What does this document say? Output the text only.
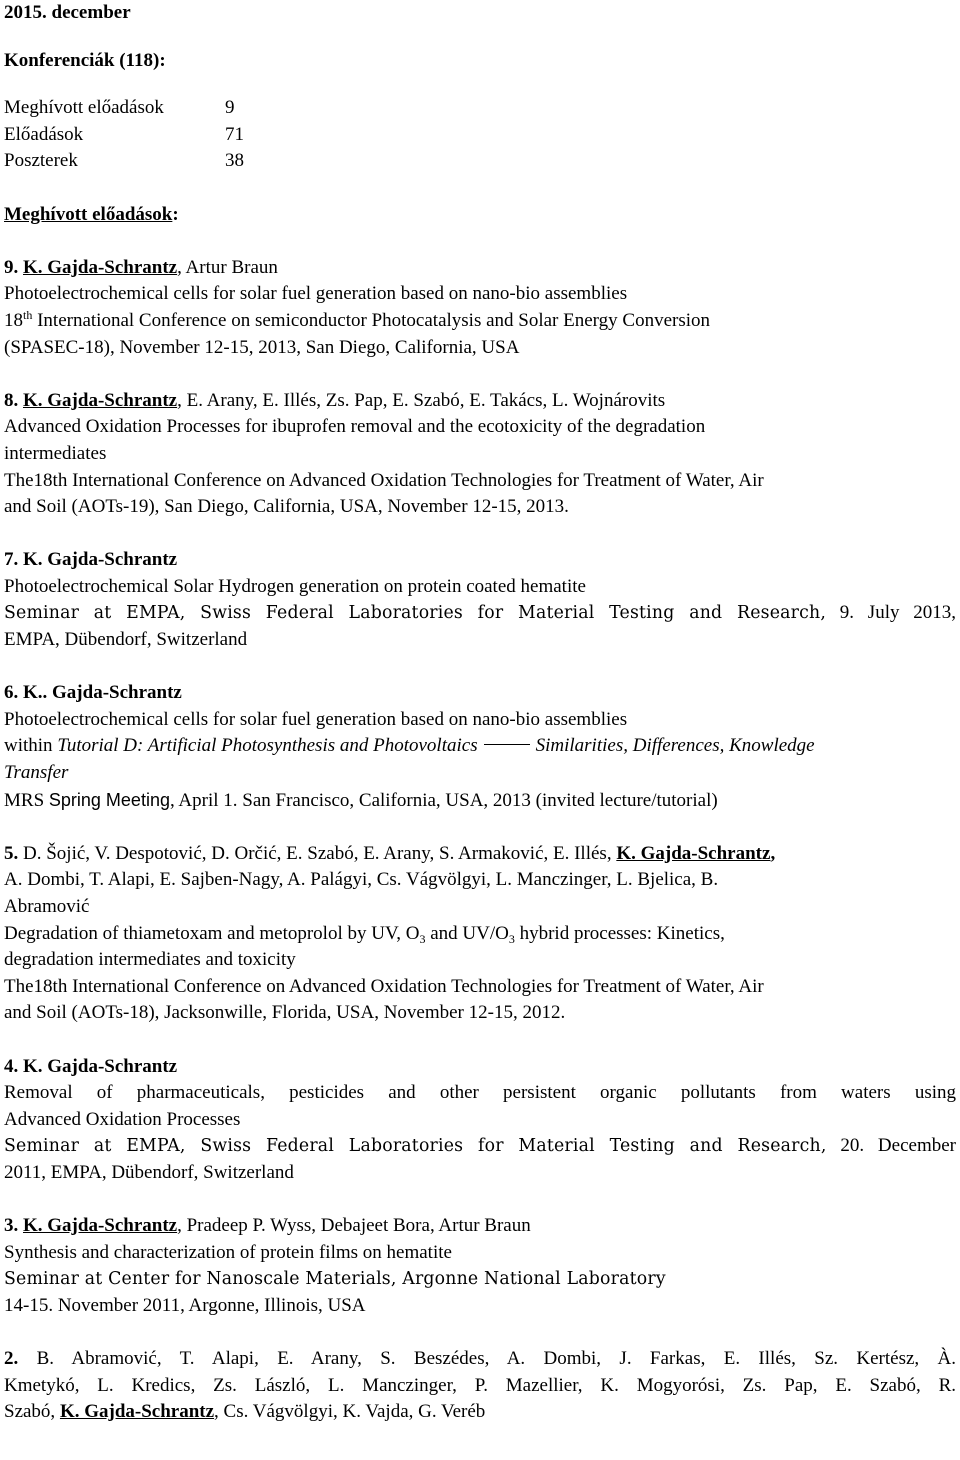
2015. december
Konferenciák (118):
Meghívott előadások	9
Előadások	71
Poszterek	38
Meghívott előadások:
9. K. Gajda-Schrantz, Artur Braun
Photoelectrochemical cells for solar fuel generation based on nano-bio assemblies
18th International Conference on semiconductor Photocatalysis and Solar Energy Conversion
(SPASEC-18), November 12-15, 2013, San Diego, California, USA
8. K. Gajda-Schrantz, E. Arany, E. Illés, Zs. Pap, E. Szabó, E. Takács, L. Wojnárovits
Advanced Oxidation Processes for ibuprofen removal and the ecotoxicity of the degradation
intermediates
The18th International Conference on Advanced Oxidation Technologies for Treatment of Water, Air
and Soil (AOTs-19), San Diego, California, USA, November 12-15, 2013.
7. K. Gajda-Schrantz
Photoelectrochemical Solar Hydrogen generation on protein coated hematite
Seminar at EMPA, Swiss Federal Laboratories for Material Testing and Research, 9. July 2013,
EMPA, Dübendorf, Switzerland
6. K.. Gajda-Schrantz
Photoelectrochemical cells for solar fuel generation based on nano-bio assemblies
within Tutorial D: Artificial Photosynthesis and Photovoltaics	Similarities, Differences, Knowledge
Transfer
MRS Spring Meeting, April 1. San Francisco, California, USA, 2013 (invited lecture/tutorial)
5. D. Šojić, V. Despotović, D. Orčić, E. Szabó, E. Arany, S. Armaković, E. Illés, K. Gajda-Schrantz,
A. Dombi, T. Alapi, E. Sajben-Nagy, A. Palágyi, Cs. Vágvölgyi, L. Manczinger, L. Bjelica, B.
Abramović
Degradation of thiametoxam and metoprolol by UV, $O_3$ and $UV/O_3$ hybrid processes: Kinetics,
degradation intermediates and toxicity
The18th International Conference on Advanced Oxidation Technologies for Treatment of Water, Air
and Soil (AOTs-18), Jacksonwille, Florida, USA, November 12-15, 2012.
4. K. Gajda-Schrantz
Removal of pharmaceuticals, pesticides and other persistent organic pollutants from waters using
Advanced Oxidation Processes
Seminar at EMPA, Swiss Federal Laboratories for Material Testing and Research, 20. December
2011, EMPA, Dübendorf, Switzerland
3. K. Gajda-Schrantz, Pradeep P. Wyss, Debajeet Bora, Artur Braun
Synthesis and characterization of protein films on hematite
Seminar at Center for Nanoscale Materials, Argonne National Laboratory
14-15. November 2011, Argonne, Illinois, USA
2. B. Abramović, T. Alapi, E. Arany, S. Beszédes, A. Dombi, J. Farkas, E. Illés, Sz. Kertész, À.
Kmetykó, L. Kredics, Zs. László, L. Manczinger, P. Mazellier, K. Mogyorósi, Zs. Pap, E. Szabó, R.
Szabó, K. Gajda-Schrantz, Cs. Vágvölgyi, K. Vajda, G. Veréb
